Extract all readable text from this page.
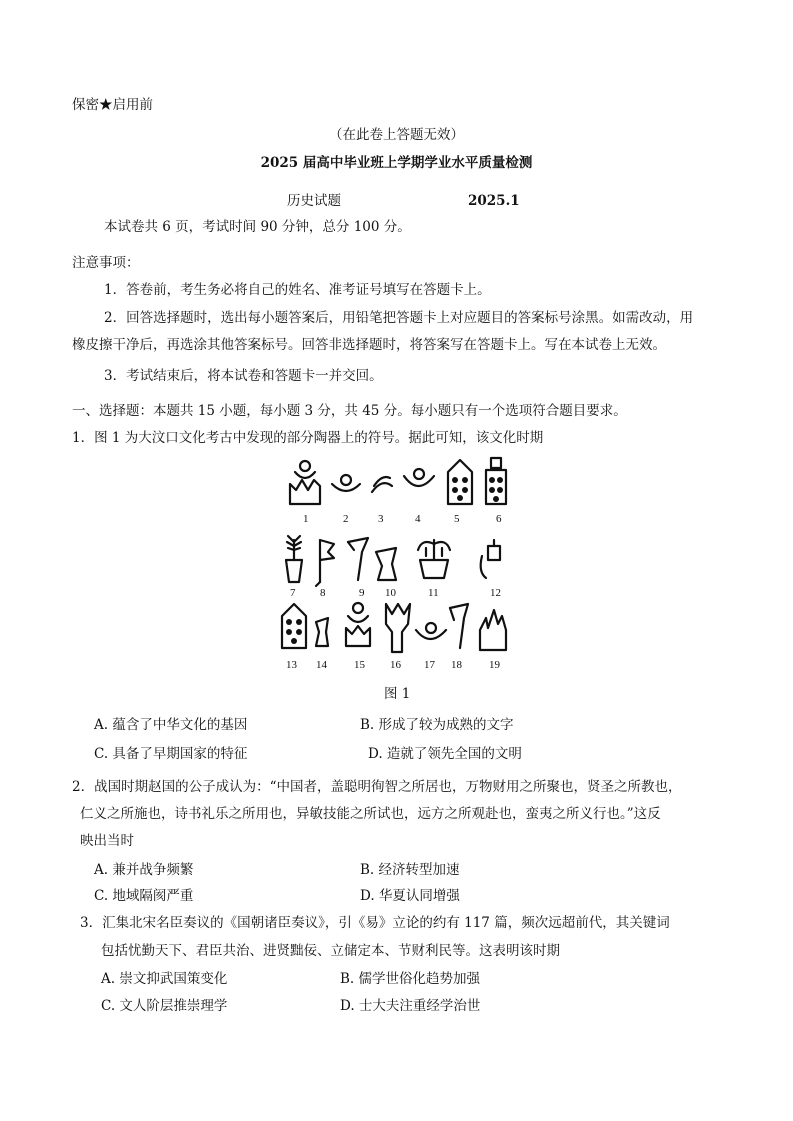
保密★启用前
（在此卷上答题无效）
2025 届高中毕业班上学期学业水平质量检测
历史试题	2025.1
本试卷共 6 页，考试时间 90 分钟，总分 100 分。
注意事项：
1．答卷前，考生务必将自己的姓名、准考证号填写在答题卡上。
2．回答选择题时，选出每小题答案后，用铅笔把答题卡上对应题目的答案标号涂黑。如需改动，用
橡皮擦干净后，再选涂其他答案标号。回答非选择题时，将答案写在答题卡上。写在本试卷上无效。
3．考试结束后，将本试卷和答题卡一并交回。
一、选择题：本题共 15 小题，每小题 3 分，共 45 分。每小题只有一个选项符合题目要求。
1．图 1 为大汶口文化考古中发现的部分陶器上的符号。据此可知，该文化时期
1	2	3	4	5	6
7 8	9 10	11	12
13 14 15 16 17 18 19
图 1
A. 蕴含了中华文化的基因	B. 形成了较为成熟的文字
C. 具备了早期国家的特征	D. 造就了领先全国的文明
2．战国时期赵国的公子成认为：“中国者，盖聪明徇智之所居也，万物财用之所聚也，贤圣之所教也，
仁义之所施也，诗书礼乐之所用也，异敏技能之所试也，远方之所观赴也，蛮夷之所义行也。”这反
映出当时
A. 兼并战争频繁	B. 经济转型加速
C. 地域隔阂严重	D. 华夏认同增强
3．汇集北宋名臣奏议的《国朝诸臣奏议》，引《易》立论的约有 117 篇，频次远超前代，其关键词
包括忧勤天下、君臣共治、进贤黜佞、立储定本、节财利民等。这表明该时期
A. 崇文抑武国策变化	B. 儒学世俗化趋势加强
C. 文人阶层推崇理学	D. 士大夫注重经学治世
